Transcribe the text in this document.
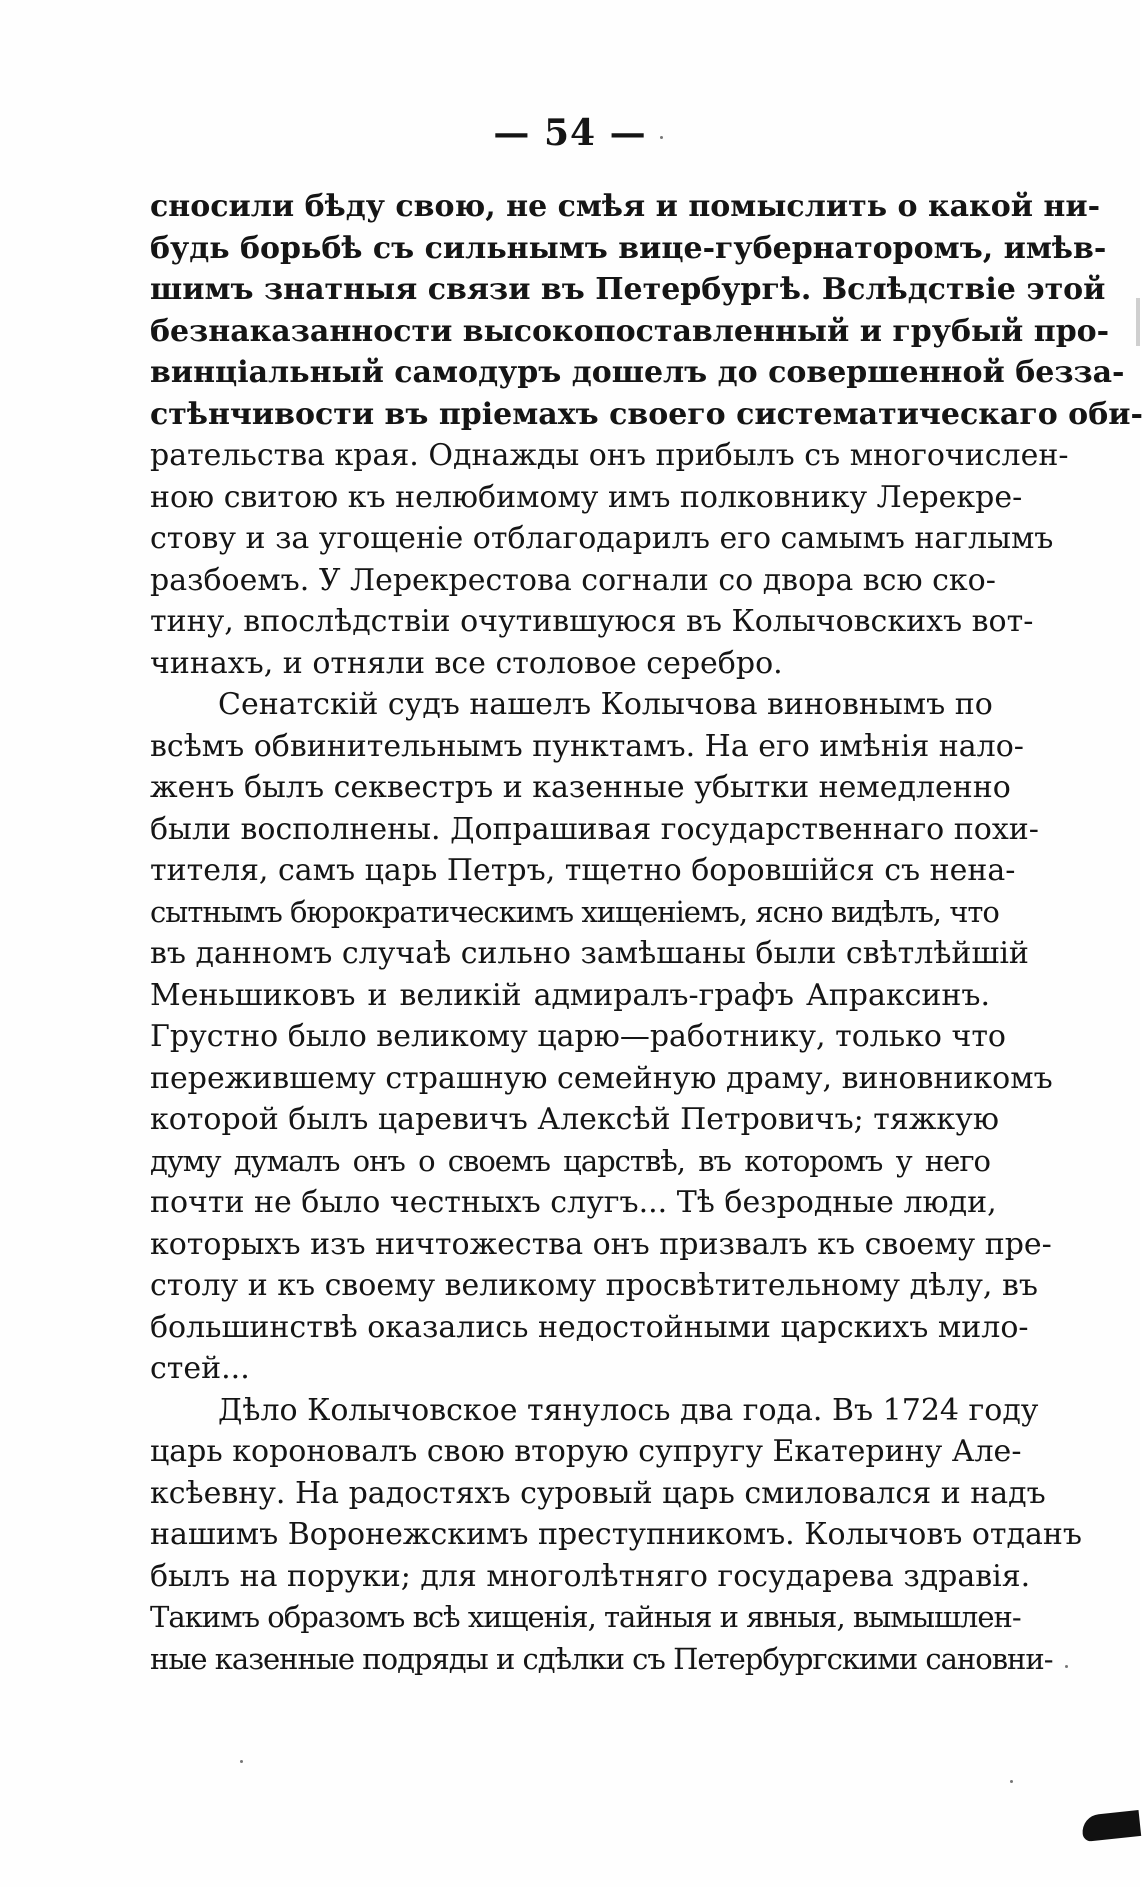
— 54 —
сносили бѣду свою, не смѣя и помыслить о какой ни-
будь борьбѣ съ сильнымъ вице-губернаторомъ, имѣв-
шимъ знатныя связи въ Петербургѣ. Вслѣдствіе этой
безнаказанности высокопоставленный и грубый про-
винціальный самодуръ дошелъ до совершенной безза-
стѣнчивости въ пріемахъ своего систематическаго оби-
рательства края. Однажды онъ прибылъ съ многочислен-
ною свитою къ нелюбимому имъ полковнику Лерекре-
стову и за угощеніе отблагодарилъ его самымъ наглымъ
разбоемъ. У Лерекрестова согнали со двора всю ско-
тину, впослѣдствіи очутившуюся въ Колычовскихъ вот-
чинахъ, и отняли все столовое серебро.
Сенатскій судъ нашелъ Колычова виновнымъ по
всѣмъ обвинительнымъ пунктамъ. На его имѣнія нало-
женъ былъ секвестръ и казенные убытки немедленно
были восполнены. Допрашивая государственнаго похи-
тителя, самъ царь Петръ, тщетно боровшійся съ нена-
сытнымъ бюрократическимъ хищеніемъ, ясно видѣлъ, что
въ данномъ случаѣ сильно замѣшаны были свѣтлѣйшій
Меньшиковъ и великій адмиралъ-графъ Апраксинъ.
Грустно было великому царю—работнику, только что
пережившему страшную семейную драму, виновникомъ
которой былъ царевичъ Алексѣй Петровичъ; тяжкую
думу думалъ онъ о своемъ царствѣ, въ которомъ у него
почти не было честныхъ слугъ... Тѣ безродные люди,
которыхъ изъ ничтожества онъ призвалъ къ своему пре-
столу и къ своему великому просвѣтительному дѣлу, въ
большинствѣ оказались недостойными царскихъ мило-
стей...
Дѣло Колычовское тянулось два года. Въ 1724 году
царь короновалъ свою вторую супругу Екатерину Але-
ксѣевну. На радостяхъ суровый царь смиловался и надъ
нашимъ Воронежскимъ преступникомъ. Колычовъ отданъ
былъ на поруки; для многолѣтняго государева здравія.
Такимъ образомъ всѣ хищенія, тайныя и явныя, вымышлен-
ные казенные подряды и сдѣлки съ Петербургскими сановни-
